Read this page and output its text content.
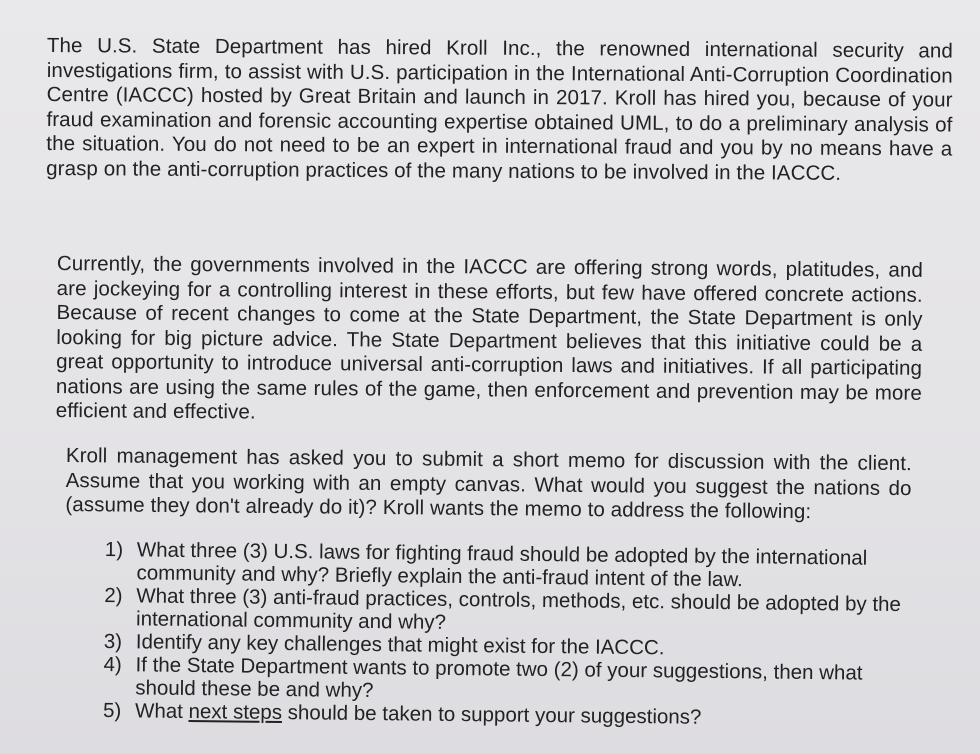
The U.S. State Department has hired Kroll Inc., the renowned international security and investigations firm, to assist with U.S. participation in the International Anti-Corruption Coordination Centre (IACCC) hosted by Great Britain and launch in 2017. Kroll has hired you, because of your fraud examination and forensic accounting expertise obtained UML, to do a preliminary analysis of the situation. You do not need to be an expert in international fraud and you by no means have a grasp on the anti-corruption practices of the many nations to be involved in the IACCC.

Currently, the governments involved in the IACCC are offering strong words, platitudes, and are jockeying for a controlling interest in these efforts, but few have offered concrete actions. Because of recent changes to come at the State Department, the State Department is only looking for big picture advice. The State Department believes that this initiative could be a great opportunity to introduce universal anti-corruption laws and initiatives. If all participating nations are using the same rules of the game, then enforcement and prevention may be more efficient and effective.

Kroll management has asked you to submit a short memo for discussion with the client. Assume that you working with an empty canvas. What would you suggest the nations do (assume they don't already do it)? Kroll wants the memo to address the following:

1) What three (3) U.S. laws for fighting fraud should be adopted by the international community and why? Briefly explain the anti-fraud intent of the law.
2) What three (3) anti-fraud practices, controls, methods, etc. should be adopted by the international community and why?
3) Identify any key challenges that might exist for the IACCC.
4) If the State Department wants to promote two (2) of your suggestions, then what should these be and why?
5) What next steps should be taken to support your suggestions?
